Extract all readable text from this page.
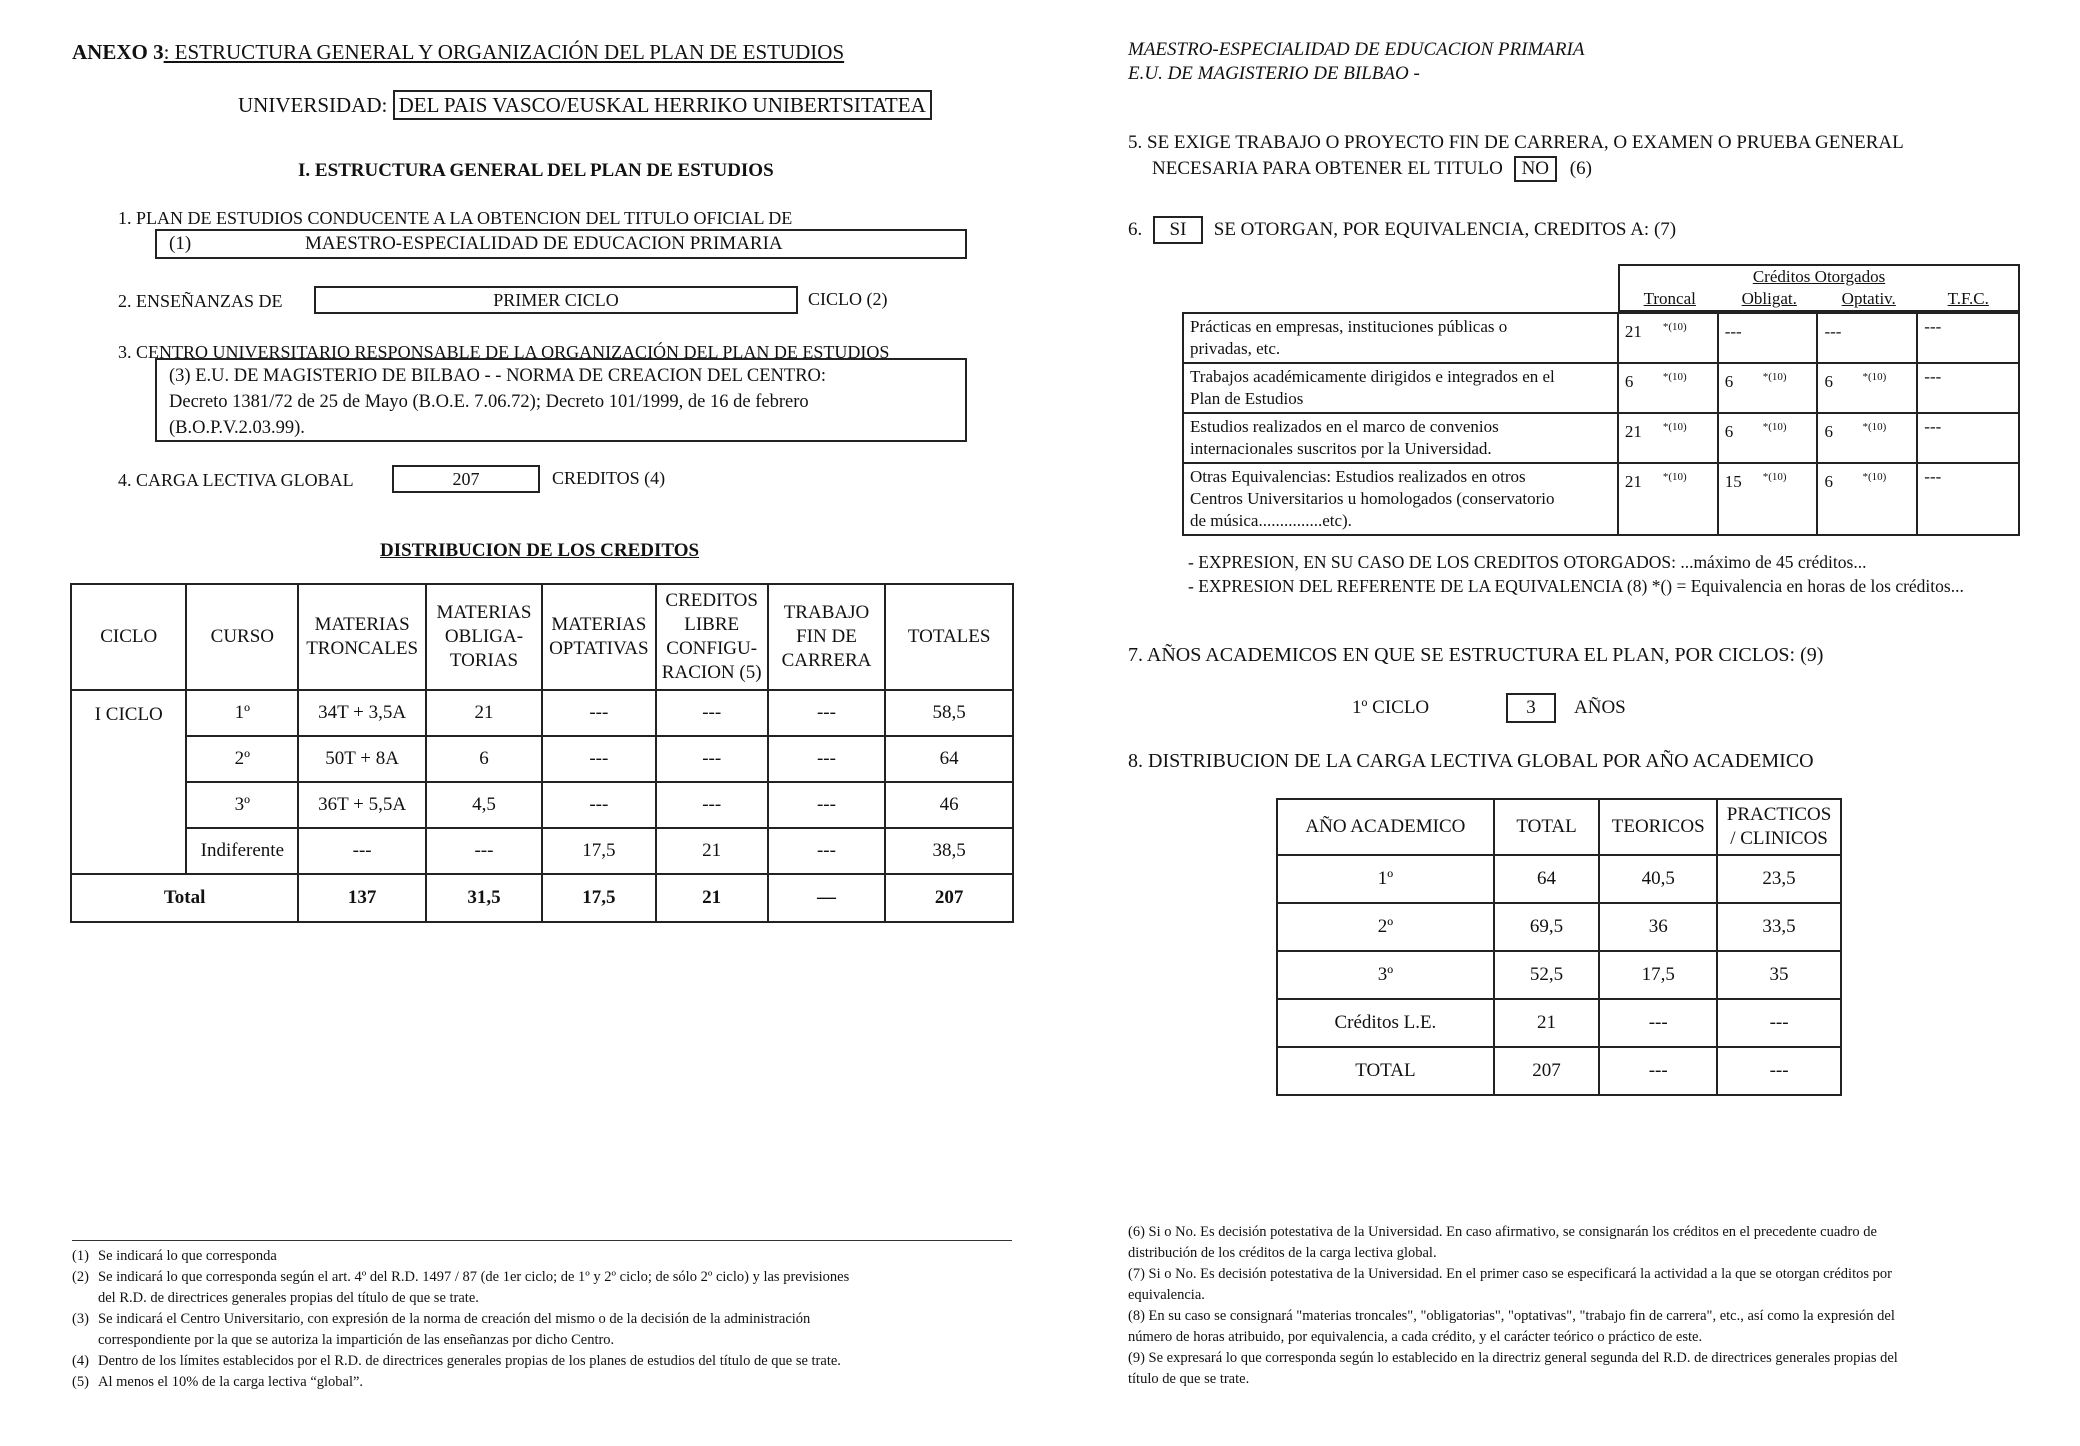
ANEXO 3: ESTRUCTURA GENERAL Y ORGANIZACIÓN DEL PLAN DE ESTUDIOS
UNIVERSIDAD: DEL PAIS VASCO/EUSKAL HERRIKO UNIBERTSITATEA
I. ESTRUCTURA GENERAL DEL PLAN DE ESTUDIOS
1. PLAN DE ESTUDIOS CONDUCENTE A LA OBTENCION DEL TITULO OFICIAL DE
(1)	MAESTRO-ESPECIALIDAD DE EDUCACION PRIMARIA
2. ENSEÑANZAS DE	PRIMER CICLO	CICLO (2)
3. CENTRO UNIVERSITARIO RESPONSABLE DE LA ORGANIZACIÓN DEL PLAN DE ESTUDIOS
(3) E.U. DE MAGISTERIO DE BILBAO - - NORMA DE CREACION DEL CENTRO:
Decreto 1381/72 de 25 de Mayo (B.O.E. 7.06.72); Decreto 101/1999, de 16 de febrero
(B.O.P.V.2.03.99).
4. CARGA LECTIVA GLOBAL	207	CREDITOS (4)
DISTRIBUCION DE LOS CREDITOS
CICLO	CURSO	MATERIAS TRONCALES	MATERIAS OBLIGA-TORIAS	MATERIAS OPTATIVAS	CREDITOS LIBRE CONFIGU-RACION (5)	TRABAJO FIN DE CARRERA	TOTALES
I CICLO	1º	34T + 3,5A	21	---	---	---	58,5
	2º	50T + 8A	6	---	---	---	64
	3º	36T + 5,5A	4,5	---	---	---	46
	Indiferente	---	---	17,5	21	---	38,5
Total		137	31,5	17,5	21	—	207

(1) Se indicará lo que corresponda

(2) Se indicará lo que corresponda según el art. 4º del R.D. 1497 / 87 (de 1er ciclo; de 1º y 2º ciclo; de sólo 2º ciclo) y las previsiones

del R.D. de directrices generales propias del título de que se trate.

(3) Se indicará el Centro Universitario, con expresión de la norma de creación del mismo o de la decisión de la administración

correspondiente por la que se autoriza la impartición de las enseñanzas por dicho Centro.

(4) Dentro de los límites establecidos por el R.D. de directrices generales propias de los planes de estudios del título de que se trate.

(5) Al menos el 10% de la carga lectiva “global”.

MAESTRO-ESPECIALIDAD DE EDUCACION PRIMARIA
E.U. DE MAGISTERIO DE BILBAO -
5. SE EXIGE TRABAJO O PROYECTO FIN DE CARRERA, O EXAMEN O PRUEBA GENERAL
NECESARIA PARA OBTENER EL TITULO NO (6)
6. SI SE OTORGAN, POR EQUIVALENCIA, CREDITOS A: (7)
Créditos Otorgados
Troncal	Obligat.	Optativ.	T.F.C.
Prácticas en empresas, instituciones públicas o
privadas, etc.	21 $^{*(10)}$	---	---	---

Trabajos académicamente dirigidos e integrados en el
Plan de Estudios	6 $^{*(10)}$	6 $^{*(10)}$	6 $^{*(10)}$	---

Estudios realizados en el marco de convenios
internacionales suscritos por la Universidad.	21 $^{*(10)}$	6 $^{*(10)}$	6 $^{*(10)}$	---

Otras Equivalencias: Estudios realizados en otros
Centros Universitarios u homologados (conservatorio
de música...............etc).	21 $^{*(10)}$	15 $^{*(10)}$	6 $^{*(10)}$	---
- EXPRESION, EN SU CASO DE LOS CREDITOS OTORGADOS: ...máximo de 45 créditos...
- EXPRESION DEL REFERENTE DE LA EQUIVALENCIA (8) *() = Equivalencia en horas de los créditos...
7. AÑOS ACADEMICOS EN QUE SE ESTRUCTURA EL PLAN, POR CICLOS: (9)
1º CICLO	3	AÑOS
8. DISTRIBUCION DE LA CARGA LECTIVA GLOBAL POR AÑO ACADEMICO
AÑO ACADEMICO	TOTAL	TEORICOS	PRACTICOS / CLINICOS
1º	64	40,5	23,5
2º	69,5	36	33,5
3º	52,5	17,5	35
Créditos L.E.	21	---	---
TOTAL	207	---	---

(6) Si o No. Es decisión potestativa de la Universidad. En caso afirmativo, se consignarán los créditos en el precedente cuadro de

distribución de los créditos de la carga lectiva global.

(7) Si o No. Es decisión potestativa de la Universidad. En el primer caso se especificará la actividad a la que se otorgan créditos por

equivalencia.

(8) En su caso se consignará "materias troncales", "obligatorias", "optativas", "trabajo fin de carrera", etc., así como la expresión del

número de horas atribuido, por equivalencia, a cada crédito, y el carácter teórico o práctico de este.

(9) Se expresará lo que corresponda según lo establecido en la directriz general segunda del R.D. de directrices generales propias del

título de que se trate.
